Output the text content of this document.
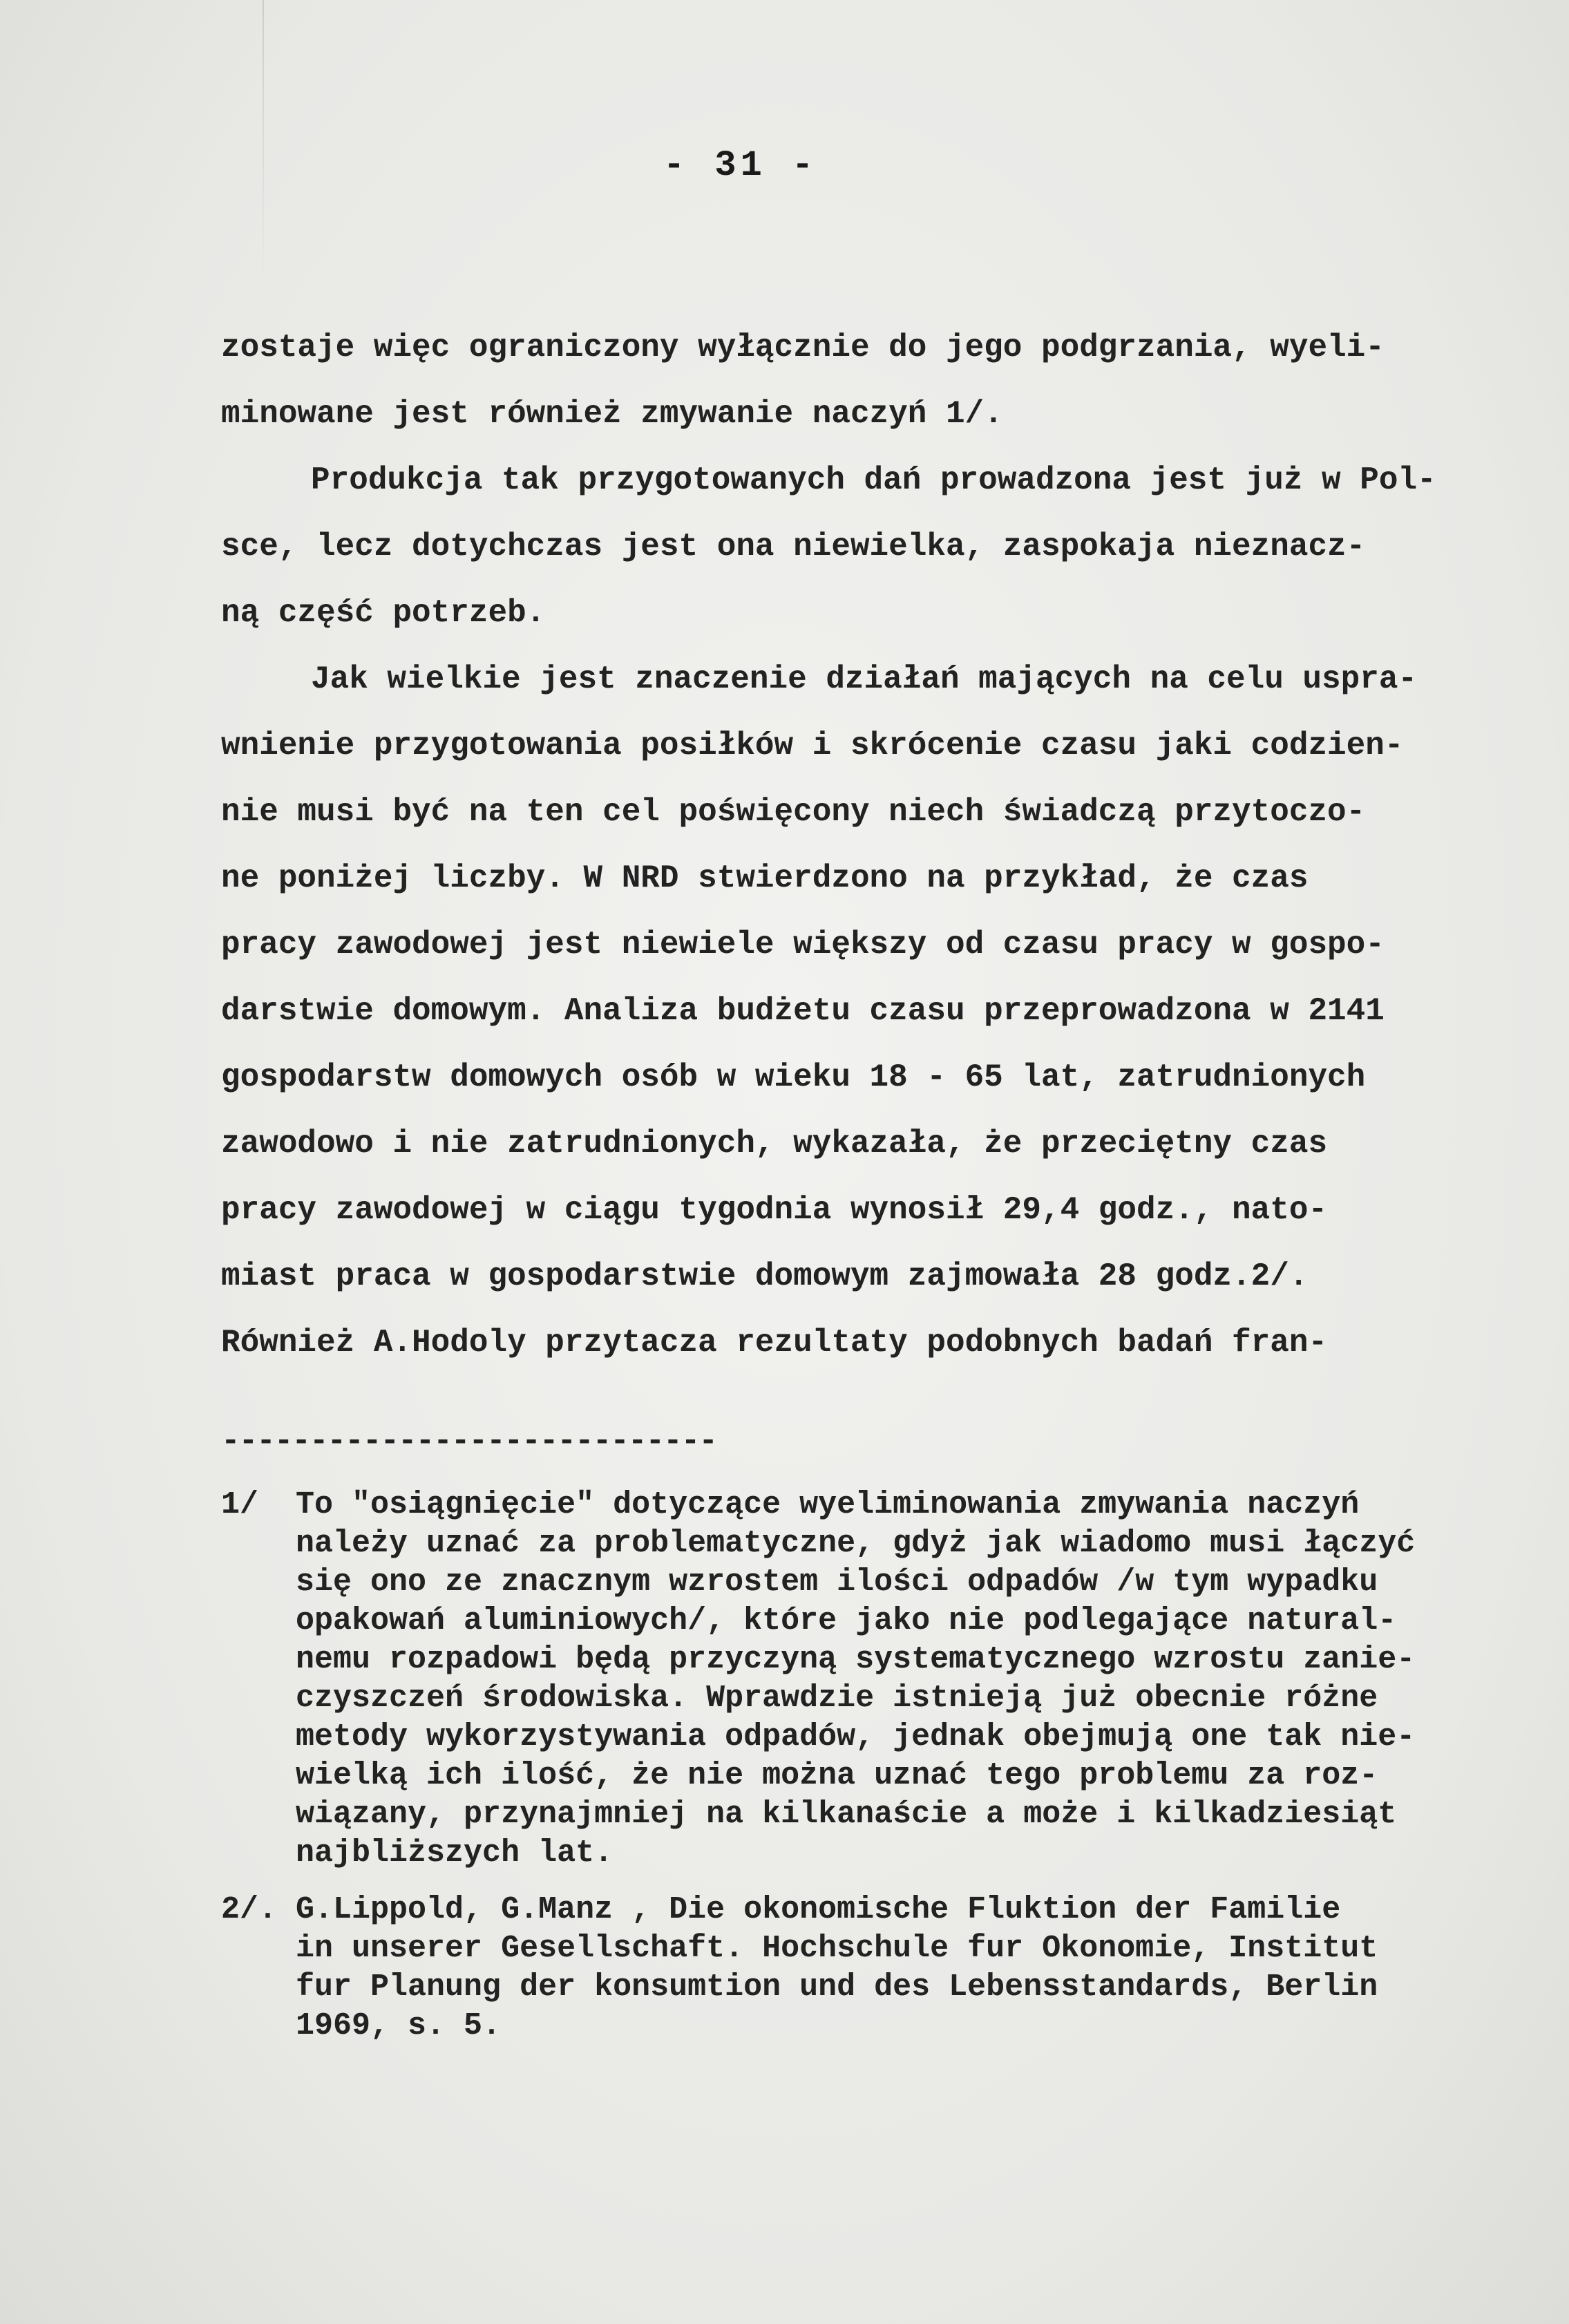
- 31 -
zostaje więc ograniczony wyłącznie do jego podgrzania, wyeli-
minowane jest również zmywanie naczyń 1/.
Produkcja tak przygotowanych dań prowadzona jest już w Pol-
sce, lecz dotychczas jest ona niewielka, zaspokaja nieznacz-
ną część potrzeb.
Jak wielkie jest znaczenie działań mających na celu uspra-
wnienie przygotowania posiłków i skrócenie czasu jaki codzien-
nie musi być na ten cel poświęcony niech świadczą przytoczo-
ne poniżej liczby. W NRD stwierdzono na przykład, że czas
pracy zawodowej jest niewiele większy od czasu pracy w gospo-
darstwie domowym. Analiza budżetu czasu przeprowadzona w 2141
gospodarstw domowych osób w wieku 18 - 65 lat, zatrudnionych
zawodowo i nie zatrudnionych, wykazała, że przeciętny czas
pracy zawodowej w ciągu tygodnia wynosił 29,4 godz., nato-
miast praca w gospodarstwie domowym zajmowała 28 godz.2/.
Również A.Hodoly przytacza rezultaty podobnych badań fran-
----------------------------
1/  To "osiągnięcie" dotyczące wyeliminowania zmywania naczyń
należy uznać za problematyczne, gdyż jak wiadomo musi łączyć
się ono ze znacznym wzrostem ilości odpadów /w tym wypadku
opakowań aluminiowych/, które jako nie podlegające natural-
nemu rozpadowi będą przyczyną systematycznego wzrostu zanie-
czyszczeń środowiska. Wprawdzie istnieją już obecnie różne
metody wykorzystywania odpadów, jednak obejmują one tak nie-
wielką ich ilość, że nie można uznać tego problemu za roz-
wiązany, przynajmniej na kilkanaście a może i kilkadziesiąt
najbliższych lat.
2/. G.Lippold, G.Manz , Die okonomische Fluktion der Familie
in unserer Gesellschaft. Hochschule fur Okonomie, Institut
fur Planung der konsumtion und des Lebensstandards, Berlin
1969, s. 5.
